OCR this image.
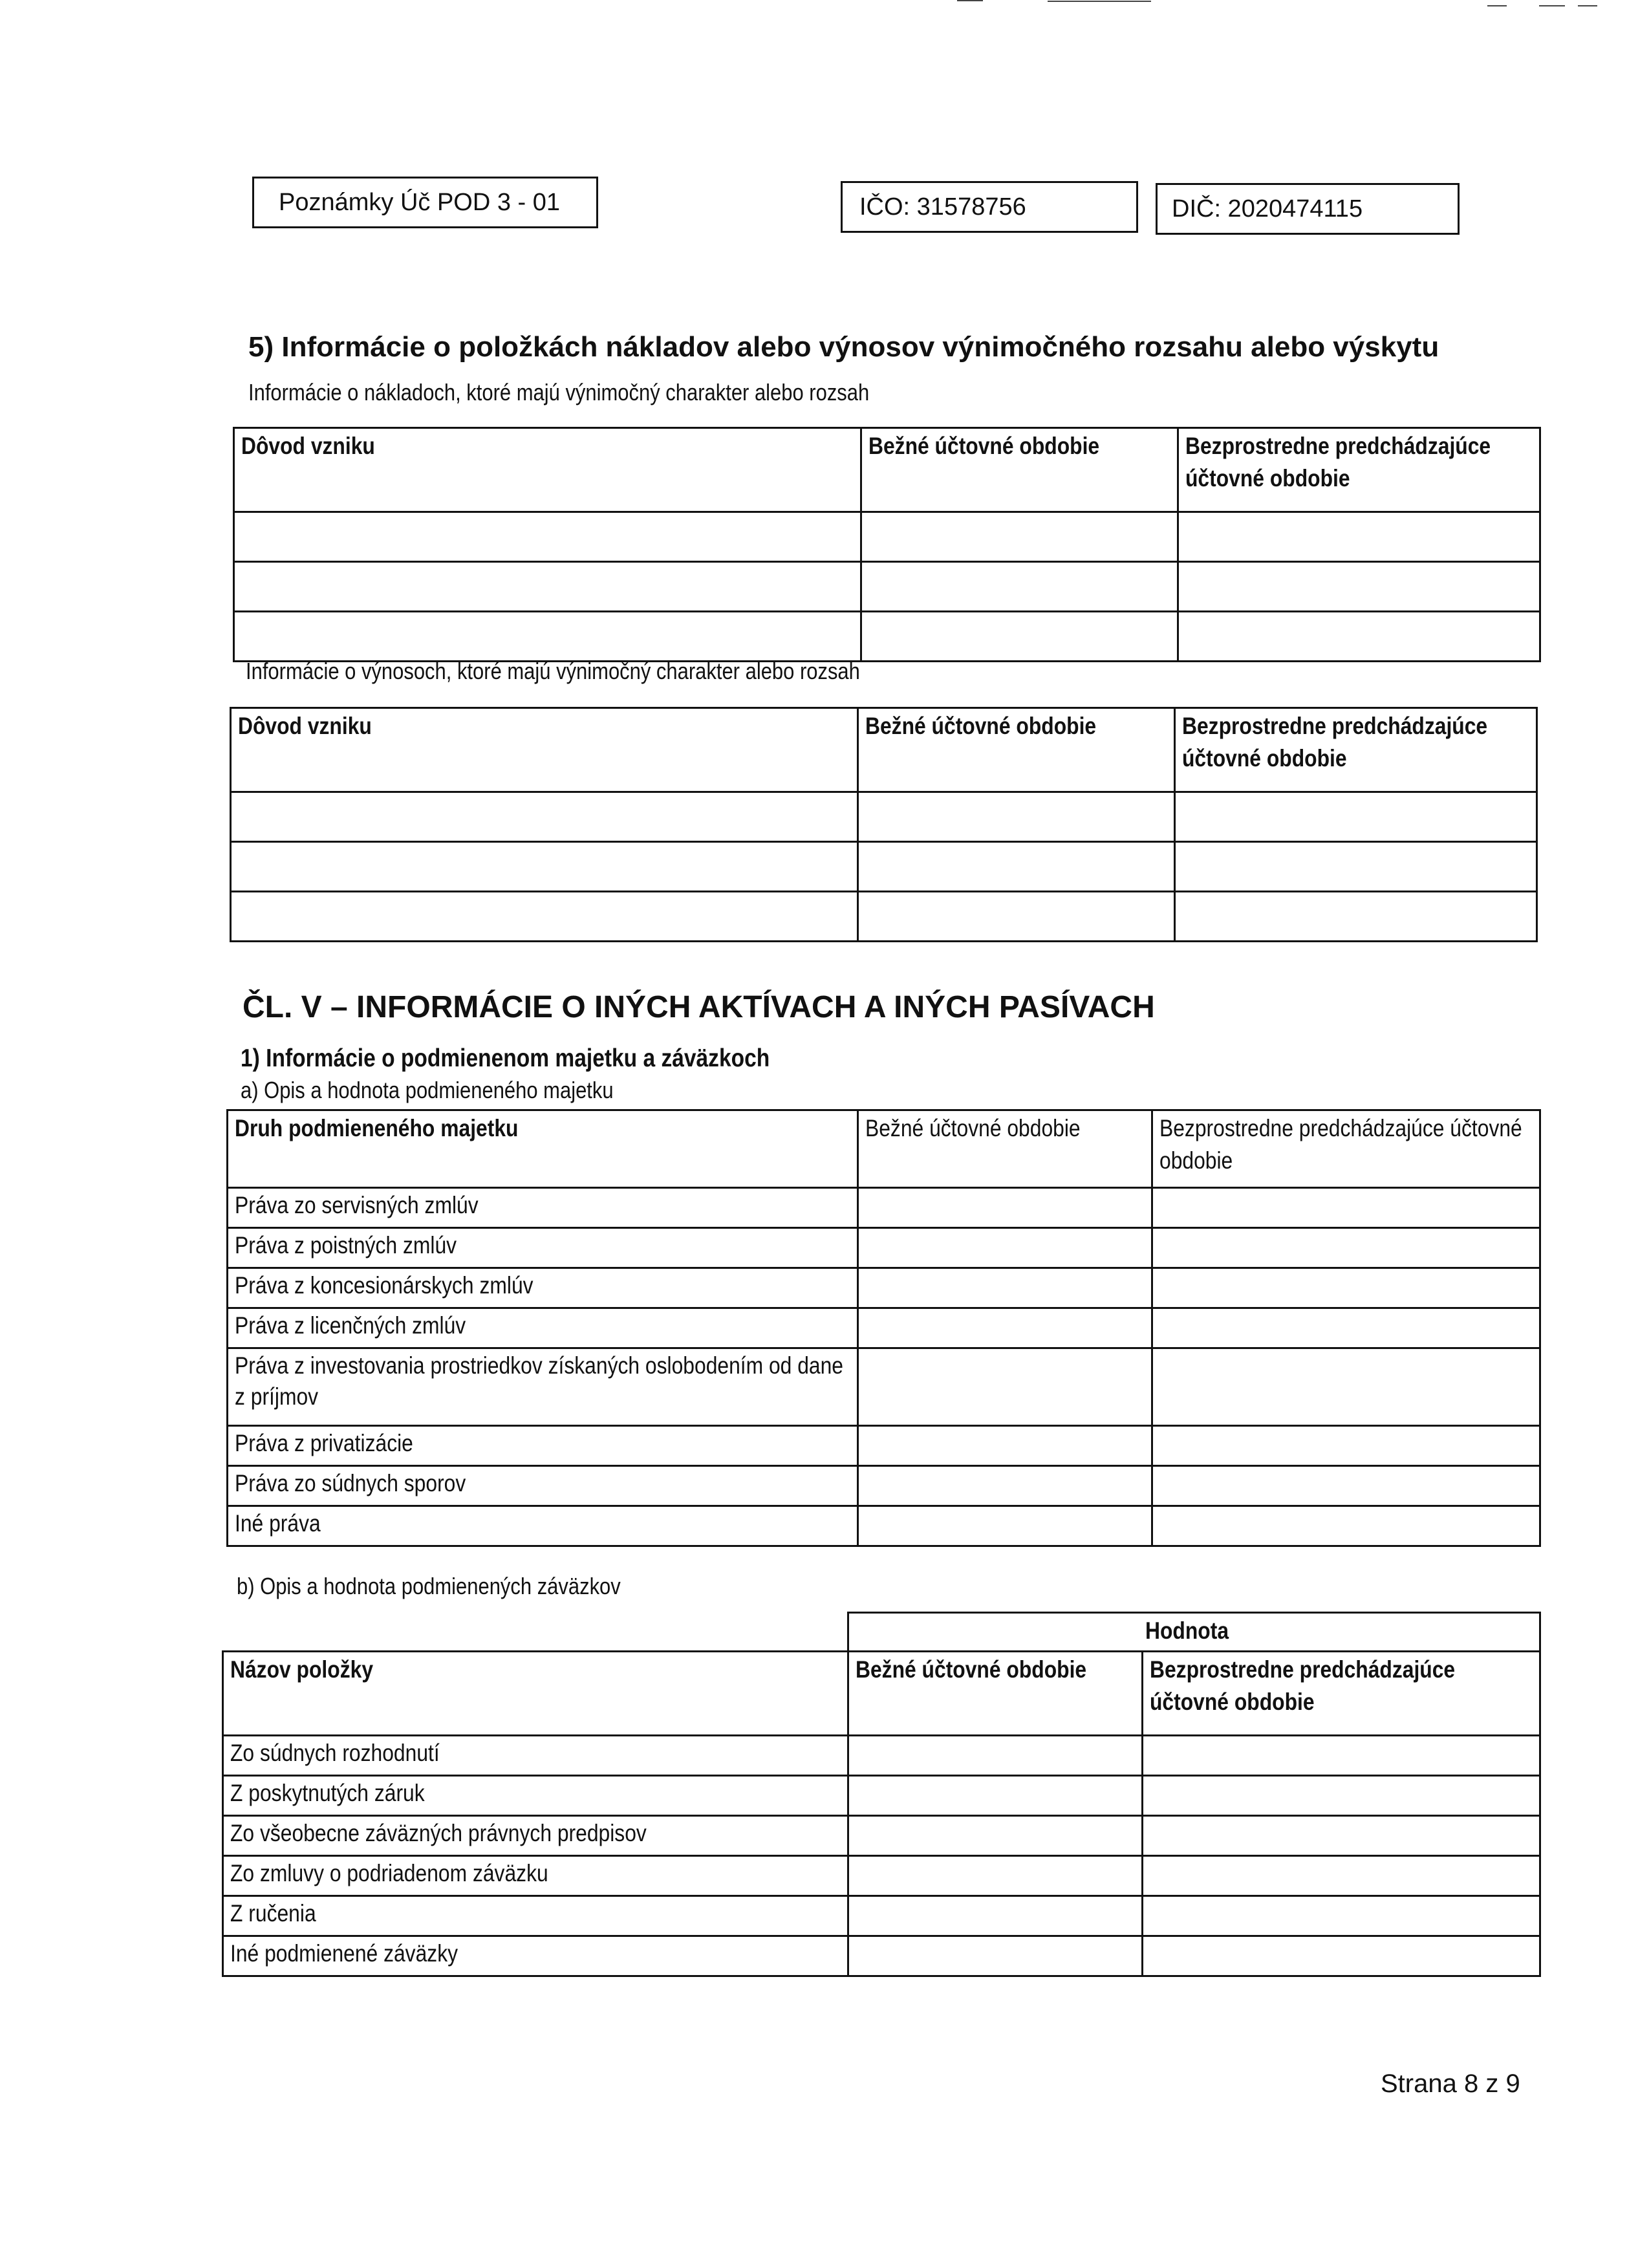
Poznámky Úč POD 3 - 01	IČO: 31578756	DIČ: 2020474115
5) Informácie o položkách nákladov alebo výnosov výnimočného rozsahu alebo výskytu
Informácie o nákladoch, ktoré majú výnimočný charakter alebo rozsah
Dôvod vzniku	Bežné účtovné obdobie	Bezprostredne predchádzajúce účtovné obdobie

Informácie o výnosoch, ktoré majú výnimočný charakter alebo rozsah
Dôvod vzniku	Bežné účtovné obdobie	Bezprostredne predchádzajúce účtovné obdobie

ČL. V – INFORMÁCIE O INÝCH AKTÍVACH A INÝCH PASÍVACH
1) Informácie o podmienenom majetku a záväzkoch
a) Opis a hodnota podmieneného majetku
Druh podmieneného majetku	Bežné účtovné obdobie	Bezprostredne predchádzajúce účtovné obdobie

Práva zo servisných zmlúv		
Práva z poistných zmlúv		
Práva z koncesionárskych zmlúv		
Práva z licenčných zmlúv		

Práva z investovania prostriedkov získaných oslobodením od dane z príjmov		

Práva z privatizácie		
Práva zo súdnych sporov		
Iné práva		
b) Opis a hodnota podmienených záväzkov
	Hodnota	
Názov položky	Bežné účtovné obdobie	Bezprostredne predchádzajúce účtovné obdobie

Zo súdnych rozhodnutí		
Z poskytnutých záruk		
Zo všeobecne záväzných právnych predpisov		
Zo zmluvy o podriadenom záväzku		
Z ručenia		
Iné podmienené záväzky		
Strana 8 z 9
